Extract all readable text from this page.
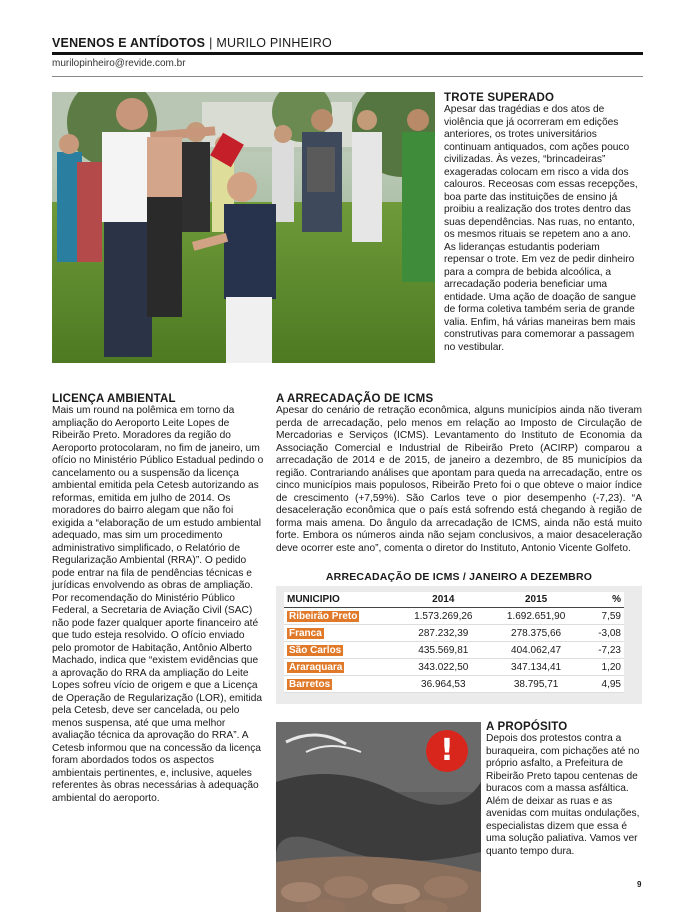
VENENOS E ANTÍDOTOS | MURILO PINHEIRO
murilopinheiro@revide.com.br
TROTE SUPERADO

Apesar das tragédias e dos atos de violência que já ocorreram em edições anteriores, os trotes universitários continuam antiquados, com ações pouco civilizadas. Às vezes, “brincadeiras” exageradas colocam em risco a vida dos calouros. Receosas com essas recepções, boa parte das instituições de ensino já proibiu a realização dos trotes dentro das suas dependências. Nas ruas, no entanto, os mesmos rituais se repetem ano a ano. As lideranças estudantis poderiam repensar o trote. Em vez de pedir dinheiro para a compra de bebida alcoólica, a arrecadação poderia beneficiar uma entidade. Uma ação de doação de sangue de forma coletiva também seria de grande valia. Enfim, há várias maneiras bem mais construtivas para comemorar a passagem no vestibular.

LICENÇA AMBIENTAL

Mais um round na polêmica em torno da ampliação do Aeroporto Leite Lopes de Ribeirão Preto. Moradores da região do Aeroporto protocolaram, no fim de janeiro, um ofício no Ministério Público Estadual pedindo o cancelamento ou a suspensão da licença ambiental emitida pela Cetesb autorizando as reformas, emitida em julho de 2014. Os moradores do bairro alegam que não foi exigida a “elaboração de um estudo ambiental adequado, mas sim um procedimento administrativo simplificado, o Relatório de Regularização Ambiental (RRA)”. O pedido pode entrar na fila de pendências técnicas e jurídicas envolvendo as obras de ampliação. Por recomendação do Ministério Público Federal, a Secretaria de Aviação Civil (SAC) não pode fazer qualquer aporte financeiro até que tudo esteja resolvido. O ofício enviado pelo promotor de Habitação, Antônio Alberto Machado, indica que “existem evidências que a aprovação do RRA da ampliação do Leite Lopes sofreu vício de origem e que a Licença de Operação de Regularização (LOR), emitida pela Cetesb, deve ser cancelada, ou pelo menos suspensa, até que uma melhor avaliação técnica da aprovação do RRA”. A Cetesb informou que na concessão da licença foram abordados todos os aspectos ambientais pertinentes, e, inclusive, aqueles referentes às obras necessárias à adequação ambiental do aeroporto.

A ARRECADAÇÃO DE ICMS

Apesar do cenário de retração econômica, alguns municípios ainda não tiveram perda de arrecadação, pelo menos em relação ao Imposto de Circulação de Mercadorias e Serviços (ICMS). Levantamento do Instituto de Economia da Associação Comercial e Industrial de Ribeirão Preto (ACIRP) comparou a arrecadação de 2014 e de 2015, de janeiro a dezembro, de 85 municípios da região. Contrariando análises que apontam para queda na arrecadação, entre os cinco municípios mais populosos, Ribeirão Preto foi o que obteve o maior índice de crescimento (+7,59%). São Carlos teve o pior desempenho (-7,23). “A desaceleração econômica que o país está sofrendo está chegando à região de forma mais amena. Do ângulo da arrecadação de ICMS, ainda não está muito forte. Embora os números ainda não sejam conclusivos, a maior desaceleração deve ocorrer este ano”, comenta o diretor do Instituto, Antonio Vicente Golfeto.

ARRECADAÇÃO DE ICMS / JANEIRO A DEZEMBRO
MUNICIPIO	2014	2015	%
Ribeirão Preto	1.573.269,26	1.692.651,90	7,59
Franca	287.232,39	278.375,66	-3,08
São Carlos	435.569,81	404.062,47	-7,23
Araraquara	343.022,50	347.134,41	1,20
Barretos	36.964,53	38.795,71	4,95
!
A PROPÓSITO

Depois dos protestos contra a buraqueira, com pichações até no próprio asfalto, a Prefeitura de Ribeirão Preto tapou centenas de buracos com a massa asfáltica. Além de deixar as ruas e as avenidas com muitas ondulações, especialistas dizem que essa é uma solução paliativa. Vamos ver quanto tempo dura.

9
